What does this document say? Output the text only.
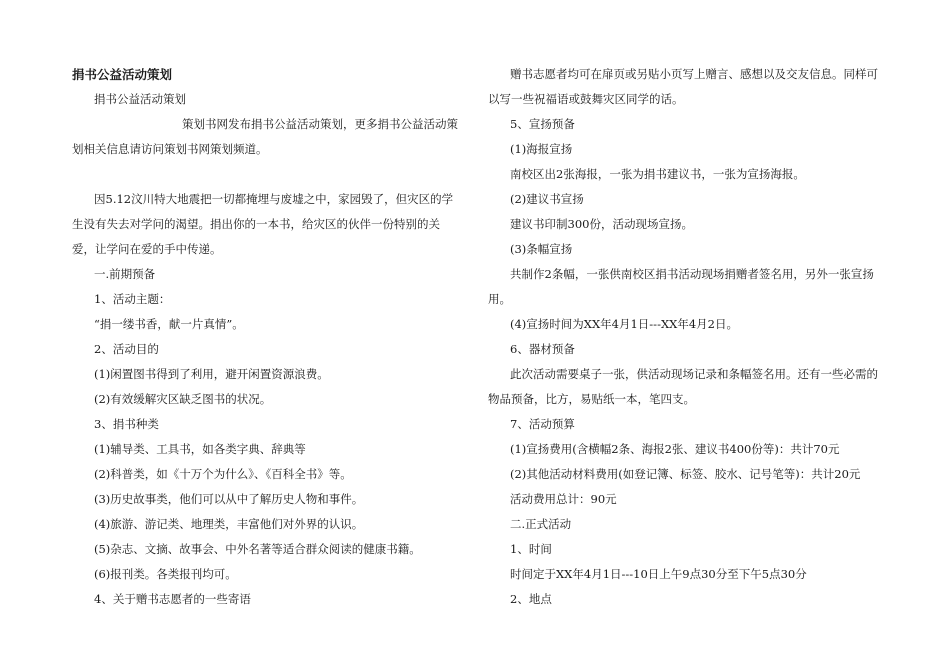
捐书公益活动策划

捐书公益活动策划

策划书网发布捐书公益活动策划，更多捐书公益活动策划相关信息请访问策划书网策划频道。

因5.12汶川特大地震把一切都掩埋与废墟之中，家园毁了，但灾区的学生没有失去对学问的渴望。捐出你的一本书，给灾区的伙伴一份特别的关爱，让学问在爱的手中传递。

一.前期预备

1、活动主题：

“捐一缕书香，献一片真情”。

2、活动目的

(1)闲置图书得到了利用，避开闲置资源浪费。

(2)有效缓解灾区缺乏图书的状况。

3、捐书种类

(1)辅导类、工具书，如各类字典、辞典等

(2)科普类，如《十万个为什么》、《百科全书》等。

(3)历史故事类，他们可以从中了解历史人物和事件。

(4)旅游、游记类、地理类，丰富他们对外界的认识。

(5)杂志、文摘、故事会、中外名著等适合群众阅读的健康书籍。

(6)报刊类。各类报刊均可。

4、关于赠书志愿者的一些寄语

赠书志愿者均可在扉页或另贴小页写上赠言、感想以及交友信息。同样可以写一些祝福语或鼓舞灾区同学的话。

5、宣扬预备

(1)海报宣扬

南校区出2张海报，一张为捐书建议书，一张为宣扬海报。

(2)建议书宣扬

建议书印制300份，活动现场宣扬。

(3)条幅宣扬

共制作2条幅，一张供南校区捐书活动现场捐赠者签名用，另外一张宣扬用。

(4)宣扬时间为XX年4月1日---XX年4月2日。

6、器材预备

此次活动需要桌子一张，供活动现场记录和条幅签名用。还有一些必需的物品预备，比方，易贴纸一本，笔四支。

7、活动预算

(1)宣扬费用(含横幅2条、海报2张、建议书400份等)：共计70元

(2)其他活动材料费用(如登记簿、标签、胶水、记号笔等)：共计20元

活动费用总计：90元

二.正式活动

1、时间

时间定于XX年4月1日---10日上午9点30分至下午5点30分

2、地点
